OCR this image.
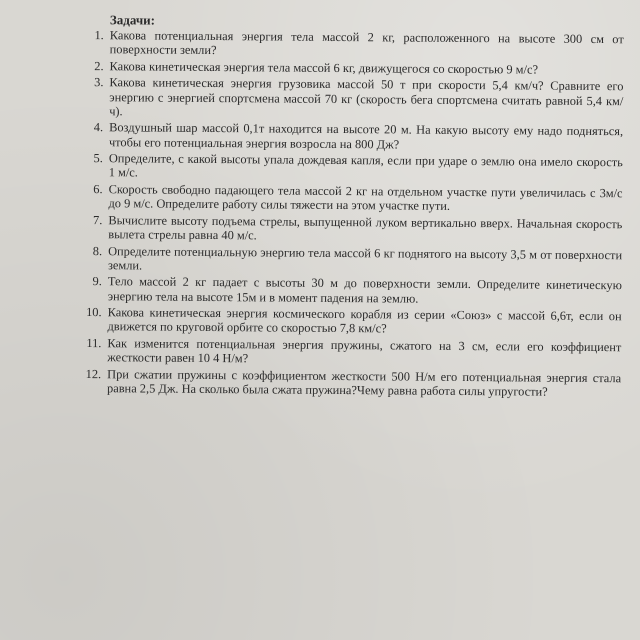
Задачи:
1. Какова потенциальная энергия тела массой 2 кг, расположенного на высоте 300 см от поверхности земли?
2. Какова кинетическая энергия тела массой 6 кг, движущегося со скоростью 9 м/с?
3. Какова кинетическая энергия грузовика массой 50 т при скорости 5,4 км/ч? Сравните его энергию с энергией спортсмена массой 70 кг (скорость бега спортсмена считать равной 5,4 км/ч).
4. Воздушный шар массой 0,1т находится на высоте 20 м. На какую высоту ему надо подняться, чтобы его потенциальная энергия возросла на 800 Дж?
5. Определите, с какой высоты упала дождевая капля, если при ударе о землю она имело скорость 1 м/с.
6. Скорость свободно падающего тела массой 2 кг на отдельном участке пути увеличилась с 3м/с до 9 м/с. Определите работу силы тяжести на этом участке пути.
7. Вычислите высоту подъема стрелы, выпущенной луком вертикально вверх. Начальная скорость вылета стрелы равна 40 м/с.
8. Определите потенциальную энергию тела массой 6 кг поднятого на высоту 3,5 м от поверхности земли.
9. Тело массой 2 кг падает с высоты 30 м до поверхности земли. Определите кинетическую энергию тела на высоте 15м и в момент падения на землю.
10. Какова кинетическая энергия космического корабля из серии «Союз» с массой 6,6т, если он движется по круговой орбите со скоростью 7,8 км/с?
11. Как изменится потенциальная энергия пружины, сжатого на 3 см, если его коэффициент жесткости равен 10 4 Н/м?
12. При сжатии пружины с коэффициентом жесткости 500 Н/м его потенциальная энергия стала равна 2,5 Дж. На сколько была сжата пружина?Чему равна работа силы упругости?
